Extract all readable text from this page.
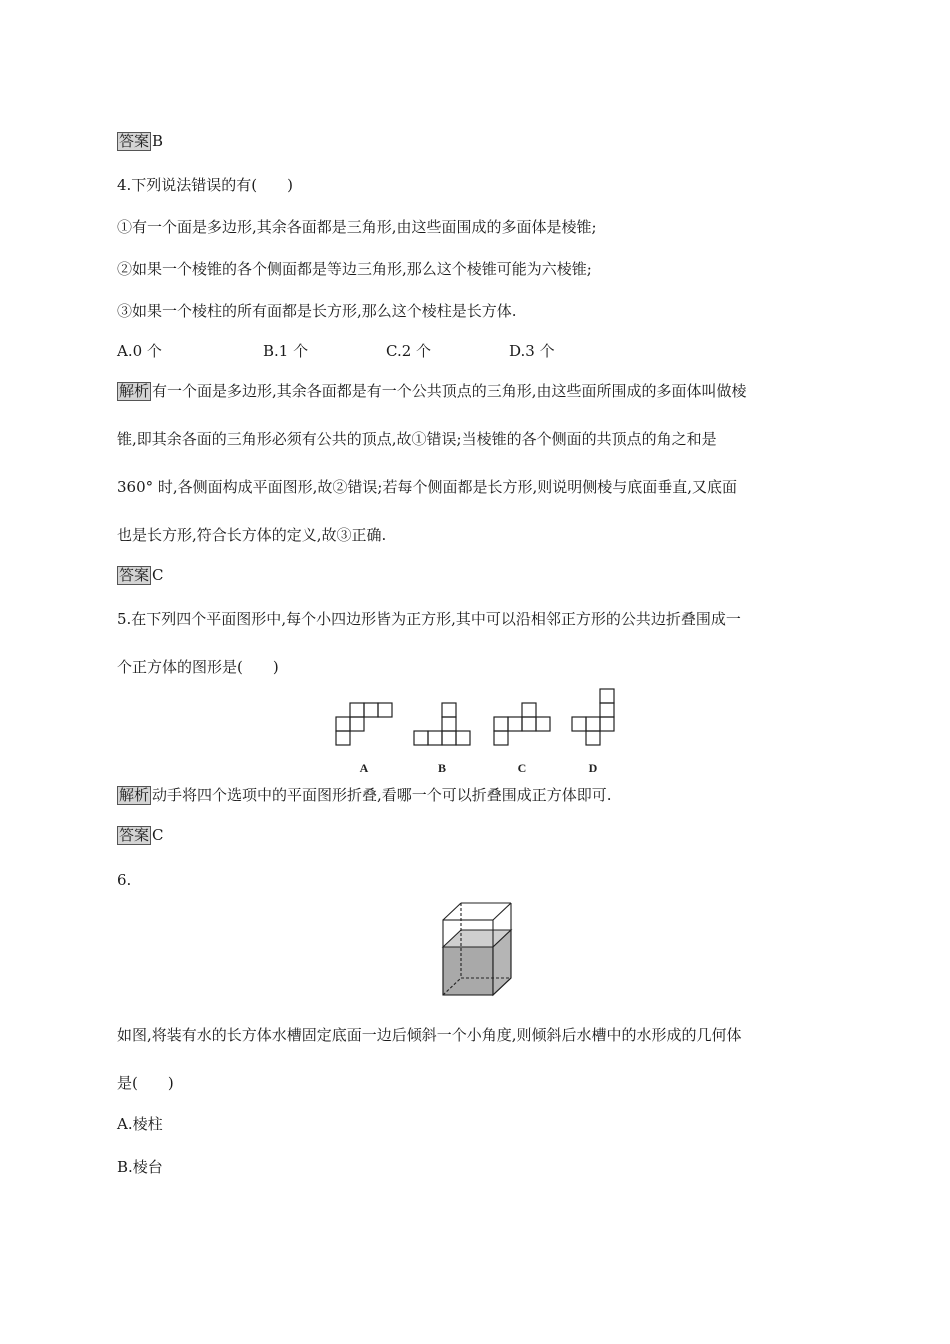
答案 B
4.下列说法错误的有(　　)
①有一个面是多边形,其余各面都是三角形,由这些面围成的多面体是棱锥;
②如果一个棱锥的各个侧面都是等边三角形,那么这个棱锥可能为六棱锥;
③如果一个棱柱的所有面都是长方形,那么这个棱柱是长方体.
A.0 个	B.1 个	C.2 个	D.3 个
解析 有一个面是多边形,其余各面都是有一个公共顶点的三角形,由这些面所围成的多面体叫做棱
锥,即其余各面的三角形必须有公共的顶点,故①错误;当棱锥的各个侧面的共顶点的角之和是
360° 时,各侧面构成平面图形,故②错误;若每个侧面都是长方形,则说明侧棱与底面垂直,又底面
也是长方形,符合长方体的定义,故③正确.
答案 C
5.在下列四个平面图形中,每个小四边形皆为正方形,其中可以沿相邻正方形的公共边折叠围成一
个正方体的图形是(　　)
A	B	C	D
解析 动手将四个选项中的平面图形折叠,看哪一个可以折叠围成正方体即可.
答案 C
6.
如图,将装有水的长方体水槽固定底面一边后倾斜一个小角度,则倾斜后水槽中的水形成的几何体
是(　　)
A.棱柱
B.棱台
